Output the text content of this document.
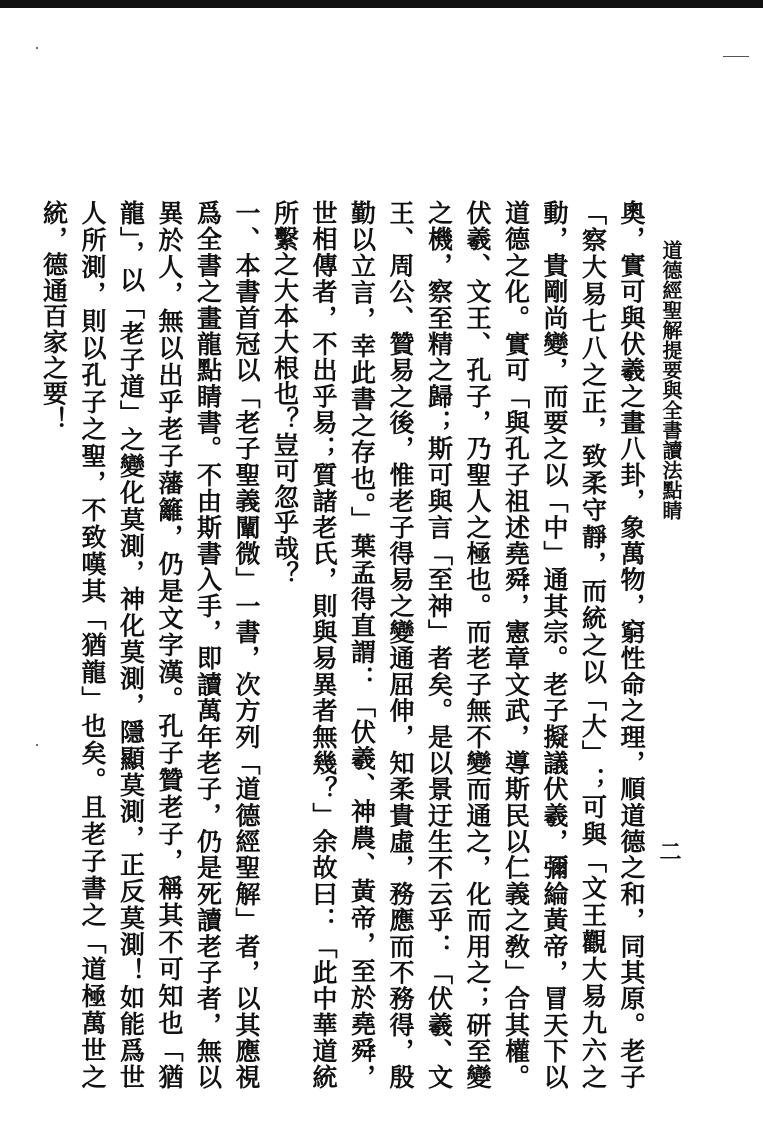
道德經聖解提要與全書讀法點睛
二

奧，實可與伏羲之畫八卦，象萬物，窮性命之理，順道德之和，同其原。老子「察大易七八之正，致柔守靜，而統之以「大」；可與「文王觀大易九六之動，貴剛尚變，而要之以「中」通其宗。老子擬議伏羲，彌綸黃帝，冒天下以道德之化。實可「與孔子祖述堯舜，憲章文武，導斯民以仁義之敎」合其權。伏羲、文王、孔子，乃聖人之極也。而老子無不變而通之，化而用之；研至變之機，察至精之歸；斯可與言「至神」者矣。是以景迂生不云乎：「伏羲、文王、周公、贊易之後，惟老子得易之變通屈伸，知柔貴虛，務應而不務得，殷勤以立言，幸此書之存也。」葉孟得直謂：「伏羲、神農、黃帝，至於堯舜，世相傳者，不出乎易；質諸老氏，則與易異者無幾？」余故曰：「此中華道統所繫之大本大根也？豈可忽乎哉？

一、本書首冠以「老子聖義闡微」一書，次方列「道德經聖解」者，以其應視爲全書之畫龍點睛書。不由斯書入手，即讀萬年老子，仍是死讀老子者，無以異於人，無以出乎老子藩籬，仍是文字漢。孔子贊老子，稱其不可知也「猶龍」，以「老子道」之變化莫測，神化莫測，隱顯莫測，正反莫測！如能爲世人所測，則以孔子之聖，不致嘆其「猶龍」也矣。且老子書之「道極萬世之統，德通百家之要！
